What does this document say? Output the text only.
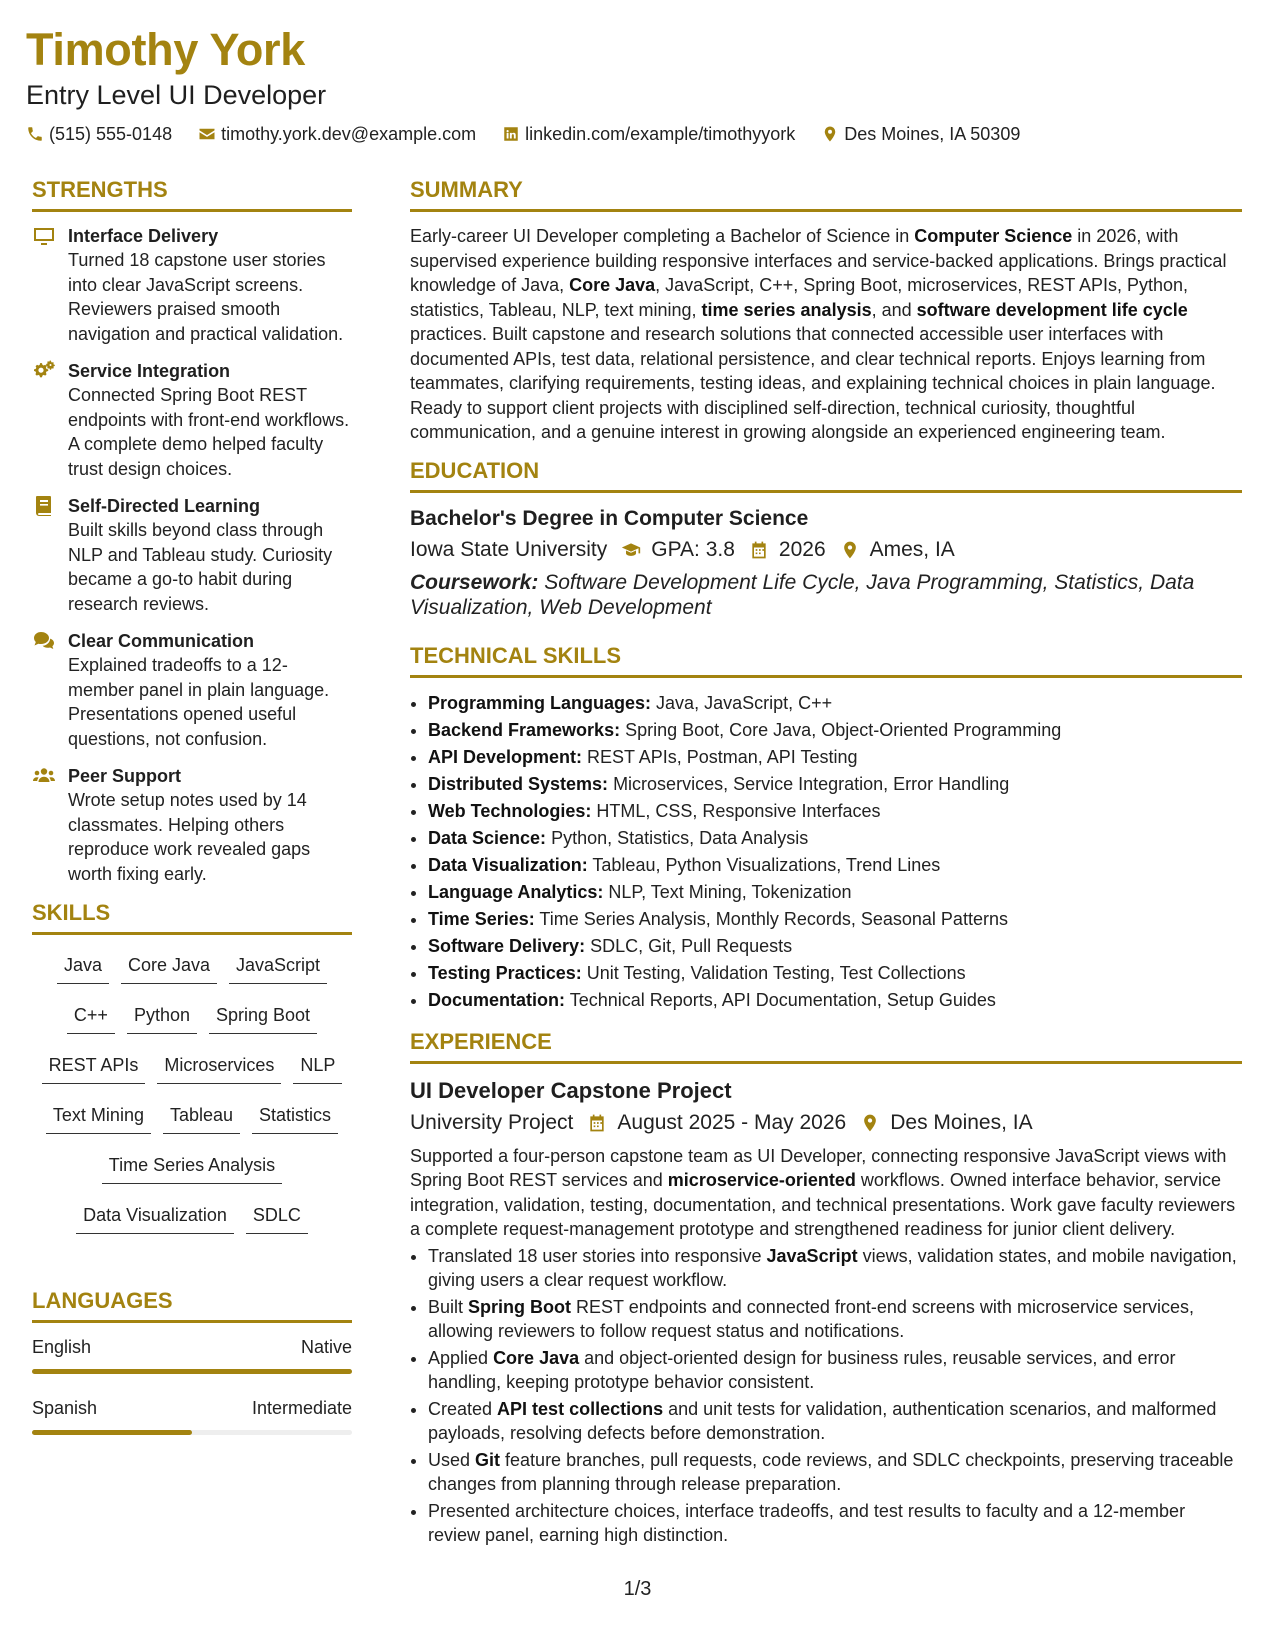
Timothy York
Entry Level UI Developer
(515) 555-0148	timothy.york.dev@example.com	linkedin.com/example/timothyyork	Des Moines, IA 50309
STRENGTHS
Interface Delivery
Turned 18 capstone user stories into clear JavaScript screens. Reviewers praised smooth navigation and practical validation.
Service Integration
Connected Spring Boot REST endpoints with front-end workflows. A complete demo helped faculty trust design choices.
Self-Directed Learning
Built skills beyond class through NLP and Tableau study. Curiosity became a go-to habit during research reviews.
Clear Communication
Explained tradeoffs to a 12-member panel in plain language. Presentations opened useful questions, not confusion.
Peer Support
Wrote setup notes used by 14 classmates. Helping others reproduce work revealed gaps worth fixing early.
SKILLS
Java	Core Java	JavaScript
C++	Python	Spring Boot
REST APIs	Microservices	NLP
Text Mining	Tableau	Statistics
Time Series Analysis
Data Visualization	SDLC
LANGUAGES
English	Native
Spanish	Intermediate
SUMMARY
Early-career UI Developer completing a Bachelor of Science in Computer Science in 2026, with supervised experience building responsive interfaces and service-backed applications. Brings practical knowledge of Java, Core Java, JavaScript, C++, Spring Boot, microservices, REST APIs, Python, statistics, Tableau, NLP, text mining, time series analysis, and software development life cycle practices. Built capstone and research solutions that connected accessible user interfaces with documented APIs, test data, relational persistence, and clear technical reports. Enjoys learning from teammates, clarifying requirements, testing ideas, and explaining technical choices in plain language. Ready to support client projects with disciplined self-direction, technical curiosity, thoughtful communication, and a genuine interest in growing alongside an experienced engineering team.
EDUCATION
Bachelor's Degree in Computer Science
Iowa State University GPA: 3.8 2026 Ames, IA
Coursework: Software Development Life Cycle, Java Programming, Statistics, Data Visualization, Web Development
TECHNICAL SKILLS
• Programming Languages: Java, JavaScript, C++
• Backend Frameworks: Spring Boot, Core Java, Object-Oriented Programming
• API Development: REST APIs, Postman, API Testing
• Distributed Systems: Microservices, Service Integration, Error Handling
• Web Technologies: HTML, CSS, Responsive Interfaces
• Data Science: Python, Statistics, Data Analysis
• Data Visualization: Tableau, Python Visualizations, Trend Lines
• Language Analytics: NLP, Text Mining, Tokenization
• Time Series: Time Series Analysis, Monthly Records, Seasonal Patterns
• Software Delivery: SDLC, Git, Pull Requests
• Testing Practices: Unit Testing, Validation Testing, Test Collections
• Documentation: Technical Reports, API Documentation, Setup Guides
EXPERIENCE
UI Developer Capstone Project
University Project August 2025 - May 2026 Des Moines, IA
Supported a four-person capstone team as UI Developer, connecting responsive JavaScript views with Spring Boot REST services and microservice-oriented workflows. Owned interface behavior, service integration, validation, testing, documentation, and technical presentations. Work gave faculty reviewers a complete request-management prototype and strengthened readiness for junior client delivery.
• Translated 18 user stories into responsive JavaScript views, validation states, and mobile navigation, giving users a clear request workflow.
• Built Spring Boot REST endpoints and connected front-end screens with microservice services, allowing reviewers to follow request status and notifications.
• Applied Core Java and object-oriented design for business rules, reusable services, and error handling, keeping prototype behavior consistent.
• Created API test collections and unit tests for validation, authentication scenarios, and malformed payloads, resolving defects before demonstration.
• Used Git feature branches, pull requests, code reviews, and SDLC checkpoints, preserving traceable changes from planning through release preparation.
• Presented architecture choices, interface tradeoffs, and test results to faculty and a 12-member review panel, earning high distinction.
1/3
